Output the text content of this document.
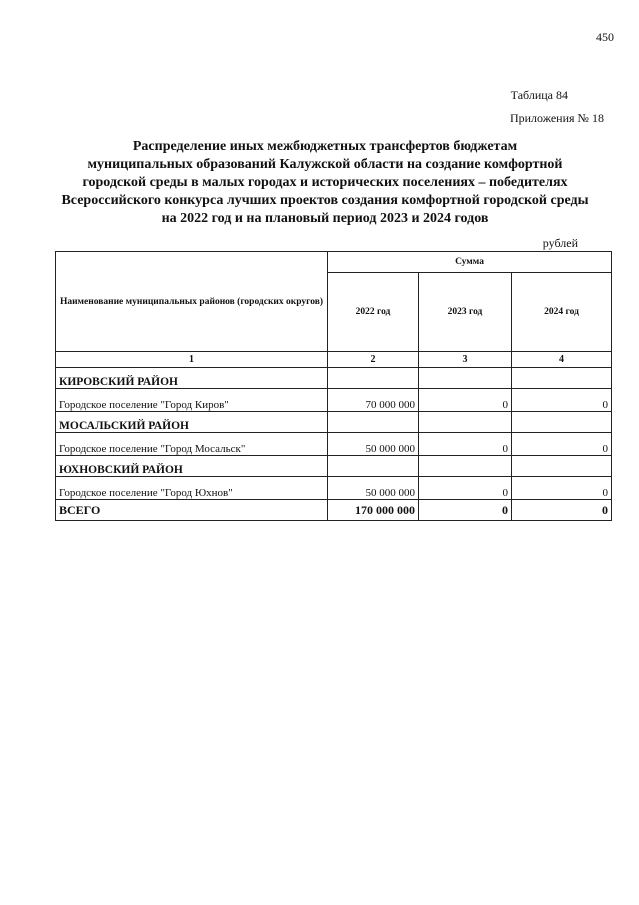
450
Таблица 84
Приложения № 18
Распределение иных межбюджетных трансфертов бюджетам
муниципальных образований Калужской области на создание комфортной
городской среды в малых городах и исторических поселениях – победителях
Всероссийского конкурса лучших проектов создания комфортной городской среды
на 2022 год и на плановый период 2023 и 2024 годов
рублей
Наименование муниципальных районов (городских округов)	Сумма		
	2022 год	2023 год	2024 год
1	2	3	4
КИРОВСКИЙ РАЙОН			
Городское поселение "Город Киров"	70 000 000	0	0
МОСАЛЬСКИЙ РАЙОН			
Городское поселение "Город Мосальск"	50 000 000	0	0
ЮХНОВСКИЙ РАЙОН			
Городское поселение "Город Юхнов"	50 000 000	0	0
ВСЕГО	170 000 000	0	0
